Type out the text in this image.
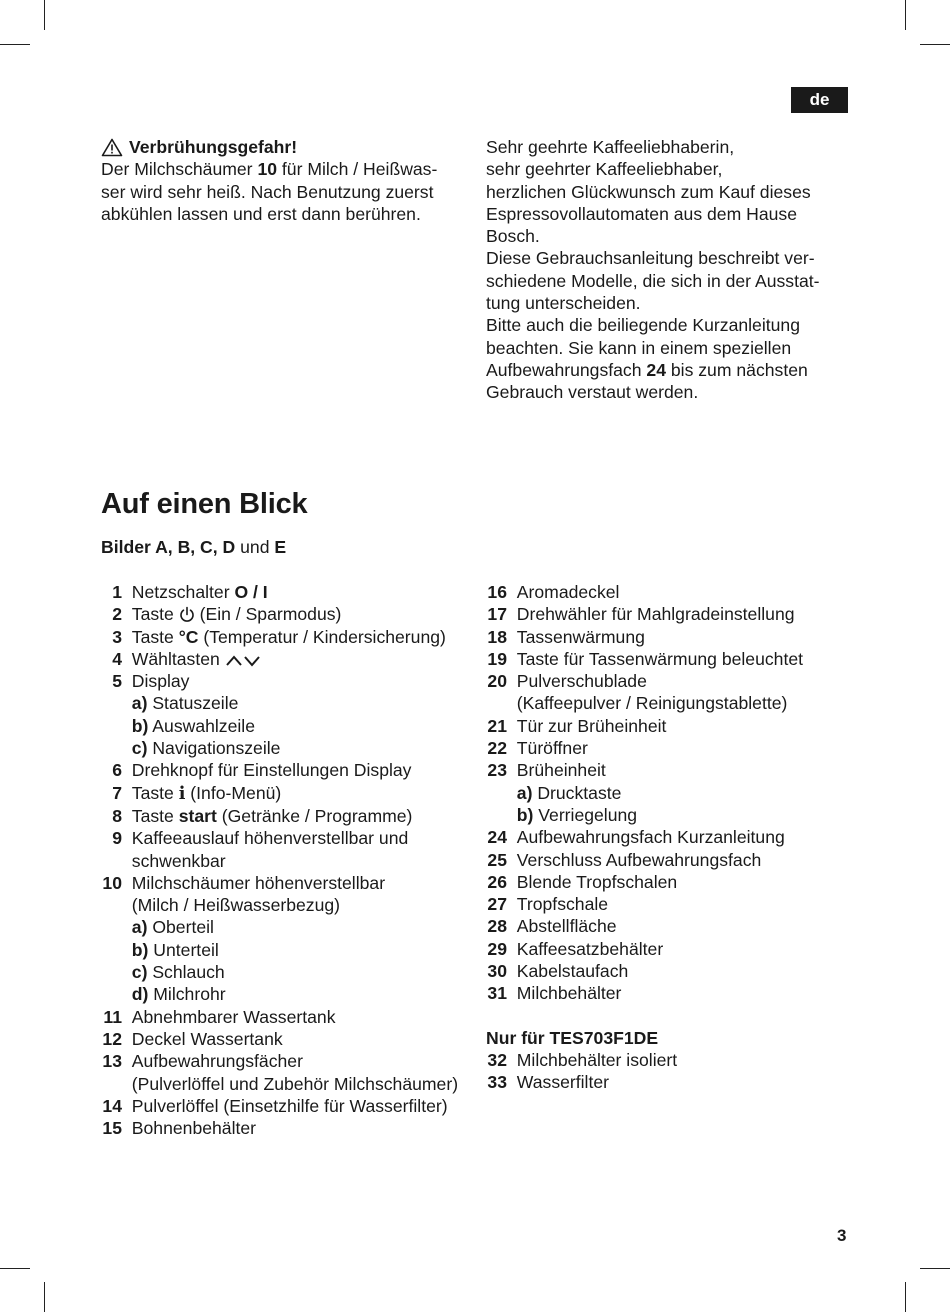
de
Verbrühungsgefahr!

Der Milchschäumer 10 für Milch / Heißwas-

ser wird sehr heiß. Nach Benutzung zuerst

abkühlen lassen und erst dann berühren.

Sehr geehrte Kaffeeliebhaberin,

sehr geehrter Kaffeeliebhaber,

herzlichen Glückwunsch zum Kauf dieses

Espressovollautomaten aus dem Hause

Bosch.

Diese Gebrauchsanleitung beschreibt ver-

schiedene Modelle, die sich in der Ausstat-

tung unterscheiden.

Bitte auch die beiliegende Kurzanleitung

beachten. Sie kann in einem speziellen

Aufbewahrungsfach 24 bis zum nächsten

Gebrauch verstaut werden.

Auf einen Blick
Bilder A, B, C, D und E
1
Netzschalter O / I
2
Taste  (Ein / Sparmodus)
3
Taste °C (Temperatur / Kindersicherung)
4
Wähltasten
5
Display
a) Statuszeile
b) Auswahlzeile
c) Navigationszeile
6
Drehknopf für Einstellungen Display
7
Taste i (Info-Menü)
8
Taste start (Getränke / Programme)
9
Kaffeeauslauf höhenverstellbar und
schwenkbar
10
Milchschäumer höhenverstellbar
(Milch / Heißwasserbezug)
a) Oberteil
b) Unterteil
c) Schlauch
d) Milchrohr
11
Abnehmbarer Wassertank
12
Deckel Wassertank
13
Aufbewahrungsfächer
(Pulverlöffel und Zubehör Milchschäumer)
14
Pulverlöffel (Einsetzhilfe für Wasserfilter)
15
Bohnenbehälter
16
Aromadeckel
17
Drehwähler für Mahlgradeinstellung
18
Tassenwärmung
19
Taste für Tassenwärmung beleuchtet
20
Pulverschublade
(Kaffeepulver / Reinigungstablette)
21
Tür zur Brüheinheit
22
Türöffner
23
Brüheinheit
a) Drucktaste
b) Verriegelung
24
Aufbewahrungsfach Kurzanleitung
25
Verschluss Aufbewahrungsfach
26
Blende Tropfschalen
27
Tropfschale
28
Abstellfläche
29
Kaffeesatzbehälter
30
Kabelstaufach
31
Milchbehälter
Nur für TES703F1DE
32
Milchbehälter isoliert
33
Wasserfilter
3
